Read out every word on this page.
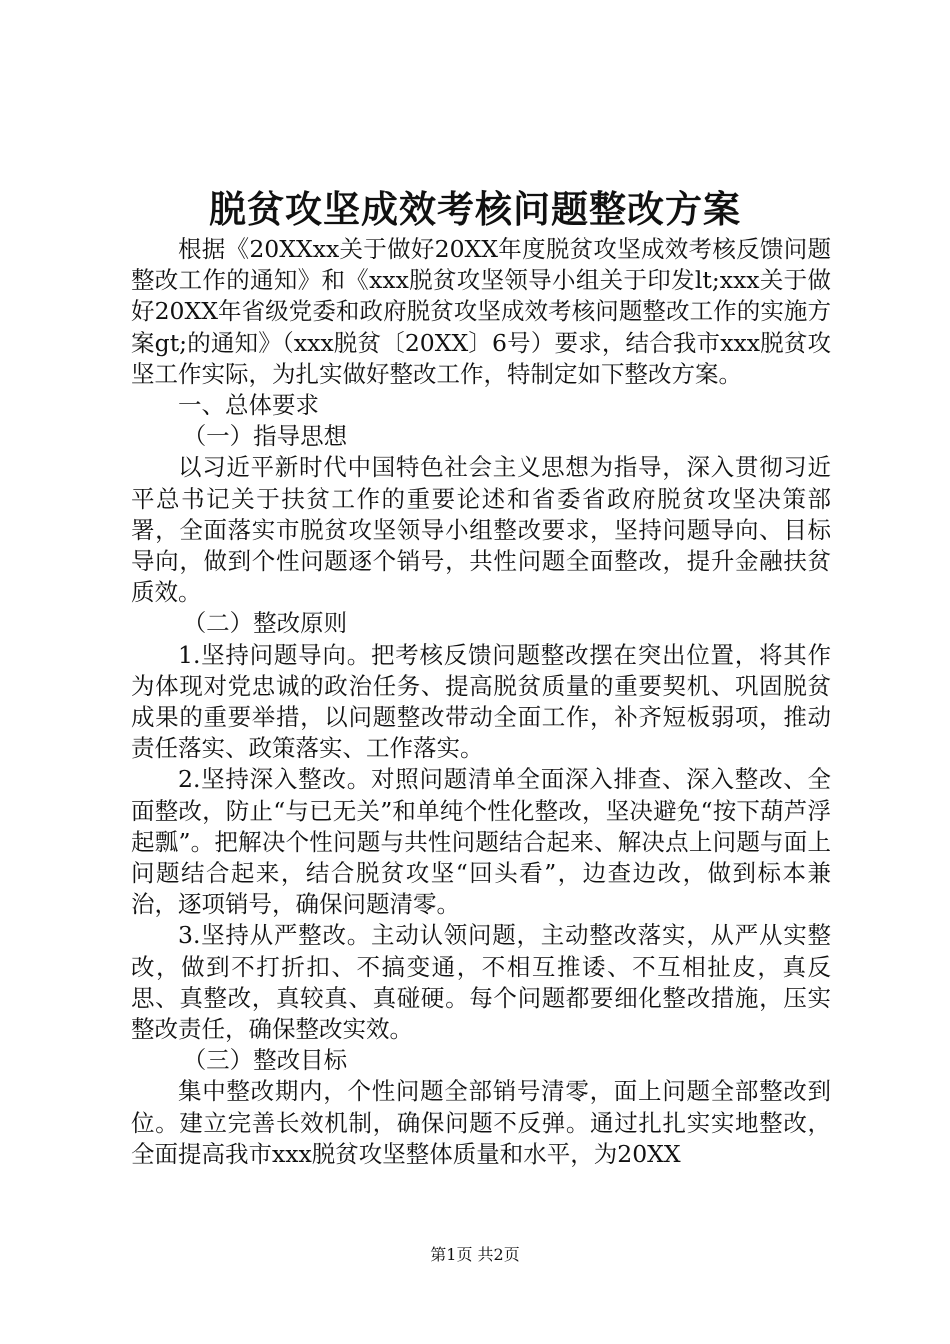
脱贫攻坚成效考核问题整改方案

根据《20XXxx关于做好20XX年度脱贫攻坚成效考核反馈问题整改工作的通知》和《xxx脱贫攻坚领导小组关于印发lt;xxx关于做好20XX年省级党委和政府脱贫攻坚成效考核问题整改工作的实施方案gt;的通知》（xxx脱贫〔20XX〕6号）要求，结合我市xxx脱贫攻坚工作实际，为扎实做好整改工作，特制定如下整改方案。

一、总体要求

（一）指导思想

以习近平新时代中国特色社会主义思想为指导，深入贯彻习近平总书记关于扶贫工作的重要论述和省委省政府脱贫攻坚决策部署，全面落实市脱贫攻坚领导小组整改要求，坚持问题导向、目标导向，做到个性问题逐个销号，共性问题全面整改，提升金融扶贫质效。

（二）整改原则

1.坚持问题导向。把考核反馈问题整改摆在突出位置，将其作为体现对党忠诚的政治任务、提高脱贫质量的重要契机、巩固脱贫成果的重要举措，以问题整改带动全面工作，补齐短板弱项，推动责任落实、政策落实、工作落实。

2.坚持深入整改。对照问题清单全面深入排查、深入整改、全面整改，防止“与已无关”和单纯个性化整改，坚决避免“按下葫芦浮起瓢”。把解决个性问题与共性问题结合起来、解决点上问题与面上问题结合起来，结合脱贫攻坚“回头看”，边查边改，做到标本兼治，逐项销号，确保问题清零。

3.坚持从严整改。主动认领问题，主动整改落实，从严从实整改，做到不打折扣、不搞变通，不相互推诿、不互相扯皮，真反思、真整改，真较真、真碰硬。每个问题都要细化整改措施，压实整改责任，确保整改实效。

（三）整改目标

集中整改期内，个性问题全部销号清零，面上问题全部整改到位。建立完善长效机制，确保问题不反弹。通过扎扎实实地整改，全面提高我市xxx脱贫攻坚整体质量和水平，为20XX

第1页 共2页
